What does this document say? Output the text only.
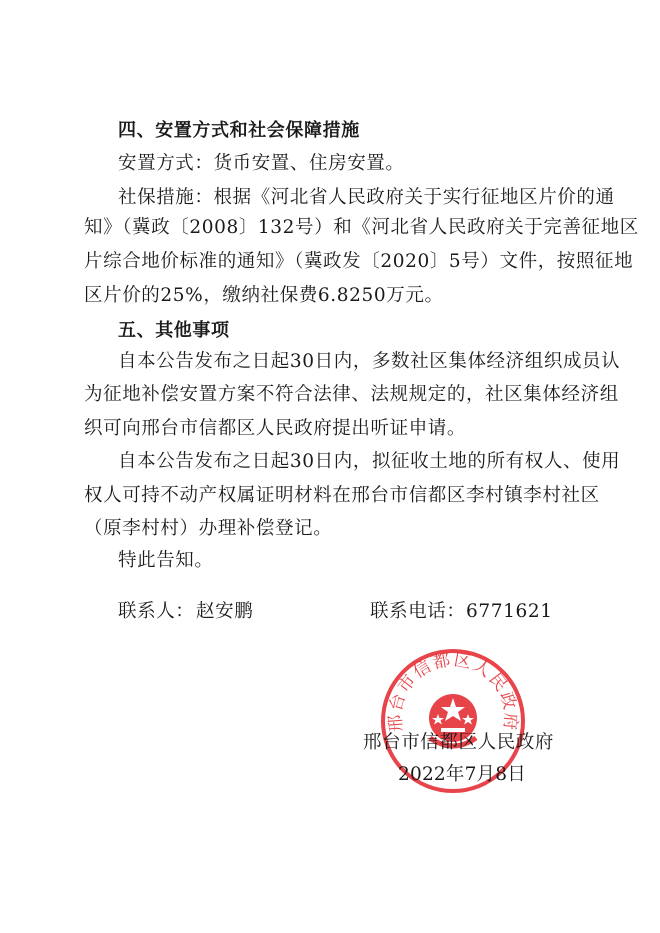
四、安置方式和社会保障措施
安置方式：货币安置、住房安置。
社保措施：根据《河北省人民政府关于实行征地区片价的通
知》（冀政〔2008〕132号）和《河北省人民政府关于完善征地区
片综合地价标准的通知》（冀政发〔2020〕5号）文件，按照征地
区片价的25%，缴纳社保费6.8250万元。
五、其他事项
自本公告发布之日起30日内，多数社区集体经济组织成员认
为征地补偿安置方案不符合法律、法规规定的，社区集体经济组
织可向邢台市信都区人民政府提出听证申请。
自本公告发布之日起30日内，拟征收土地的所有权人、使用
权人可持不动产权属证明材料在邢台市信都区李村镇李村社区
（原李村村）办理补偿登记。
特此告知。
联系人： 赵安鹏	联系电话： 6771621
邢台市信都区人民政府
邢台市信都区人民政府
2022年7月8日
